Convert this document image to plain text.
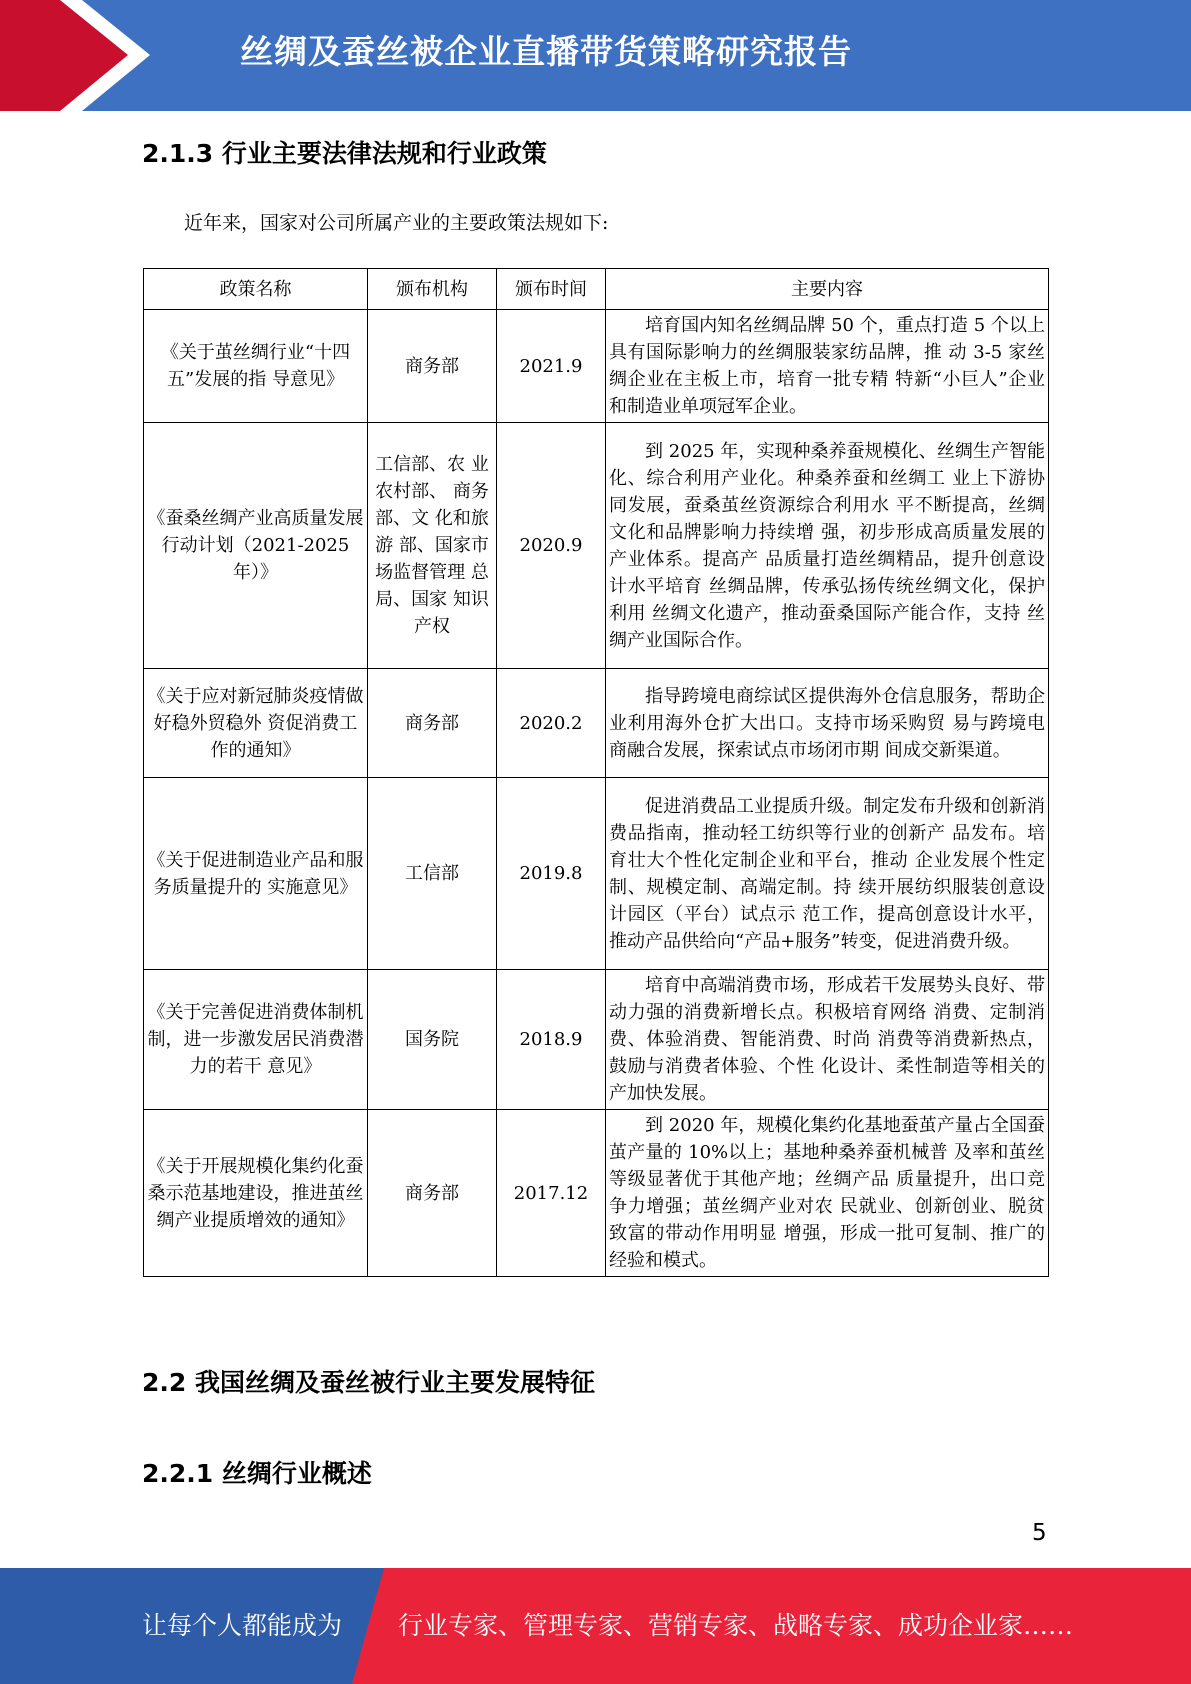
丝绸及蚕丝被企业直播带货策略研究报告
2.1.3 行业主要法律法规和行业政策
近年来，国家对公司所属产业的主要政策法规如下:
政策名称	颁布机构	颁布时间	主要内容
《关于茧丝绸行业“十四五”发展的指 导意见》	商务部	2021.9	培育国内知名丝绸品牌 50 个，重点打造 5 个以上具有国际影响力的丝绸服装家纺品牌，推 动 3-5 家丝绸企业在主板上市，培育一批专精 特新“小巨人”企业和制造业单项冠军企业。
《蚕桑丝绸产业高质量发展行动计划（2021-2025 年）》	工信部、农 业农村部、 商务部、文 化和旅游 部、国家市 场监督管理 总局、国家 知识产权	2020.9	到 2025 年，实现种桑养蚕规模化、丝绸生产智能化、综合利用产业化。种桑养蚕和丝绸工 业上下游协同发展，蚕桑茧丝资源综合利用水 平不断提高，丝绸文化和品牌影响力持续增 强，初步形成高质量发展的产业体系。提高产 品质量打造丝绸精品，提升创意设计水平培育 丝绸品牌，传承弘扬传统丝绸文化，保护利用 丝绸文化遗产，推动蚕桑国际产能合作，支持 丝绸产业国际合作。
《关于应对新冠肺炎疫情做好稳外贸稳外 资促消费工作的通知》	商务部	2020.2	指导跨境电商综试区提供海外仓信息服务，帮助企业利用海外仓扩大出口。支持市场采购贸 易与跨境电商融合发展，探索试点市场闭市期 间成交新渠道。
《关于促进制造业产品和服务质量提升的 实施意见》	工信部	2019.8	促进消费品工业提质升级。制定发布升级和创新消费品指南，推动轻工纺织等行业的创新产 品发布。培育壮大个性化定制企业和平台，推动 企业发展个性定制、规模定制、高端定制。持 续开展纺织服装创意设计园区（平台）试点示 范工作，提高创意设计水平，推动产品供给向“产品+服务”转变，促进消费升级。
《关于完善促进消费体制机制，进一步激发居民消费潜力的若干 意见》	国务院	2018.9	培育中高端消费市场，形成若干发展势头良好、带动力强的消费新增长点。积极培育网络 消费、定制消费、体验消费、智能消费、时尚 消费等消费新热点，鼓励与消费者体验、个性 化设计、柔性制造等相关的产加快发展。
《关于开展规模化集约化蚕桑示范基地建设，推进茧丝绸产业提质增效的通知》	商务部	2017.12	到 2020 年，规模化集约化基地蚕茧产量占全国蚕茧产量的 10%以上；基地种桑养蚕机械普 及率和茧丝等级显著优于其他产地；丝绸产品 质量提升，出口竞争力增强；茧丝绸产业对农 民就业、创新创业、脱贫致富的带动作用明显 增强，形成一批可复制、推广的经验和模式。
2.2 我国丝绸及蚕丝被行业主要发展特征
2.2.1 丝绸行业概述
5
让每个人都能成为 行业专家、管理专家、营销专家、战略专家、成功企业家……
